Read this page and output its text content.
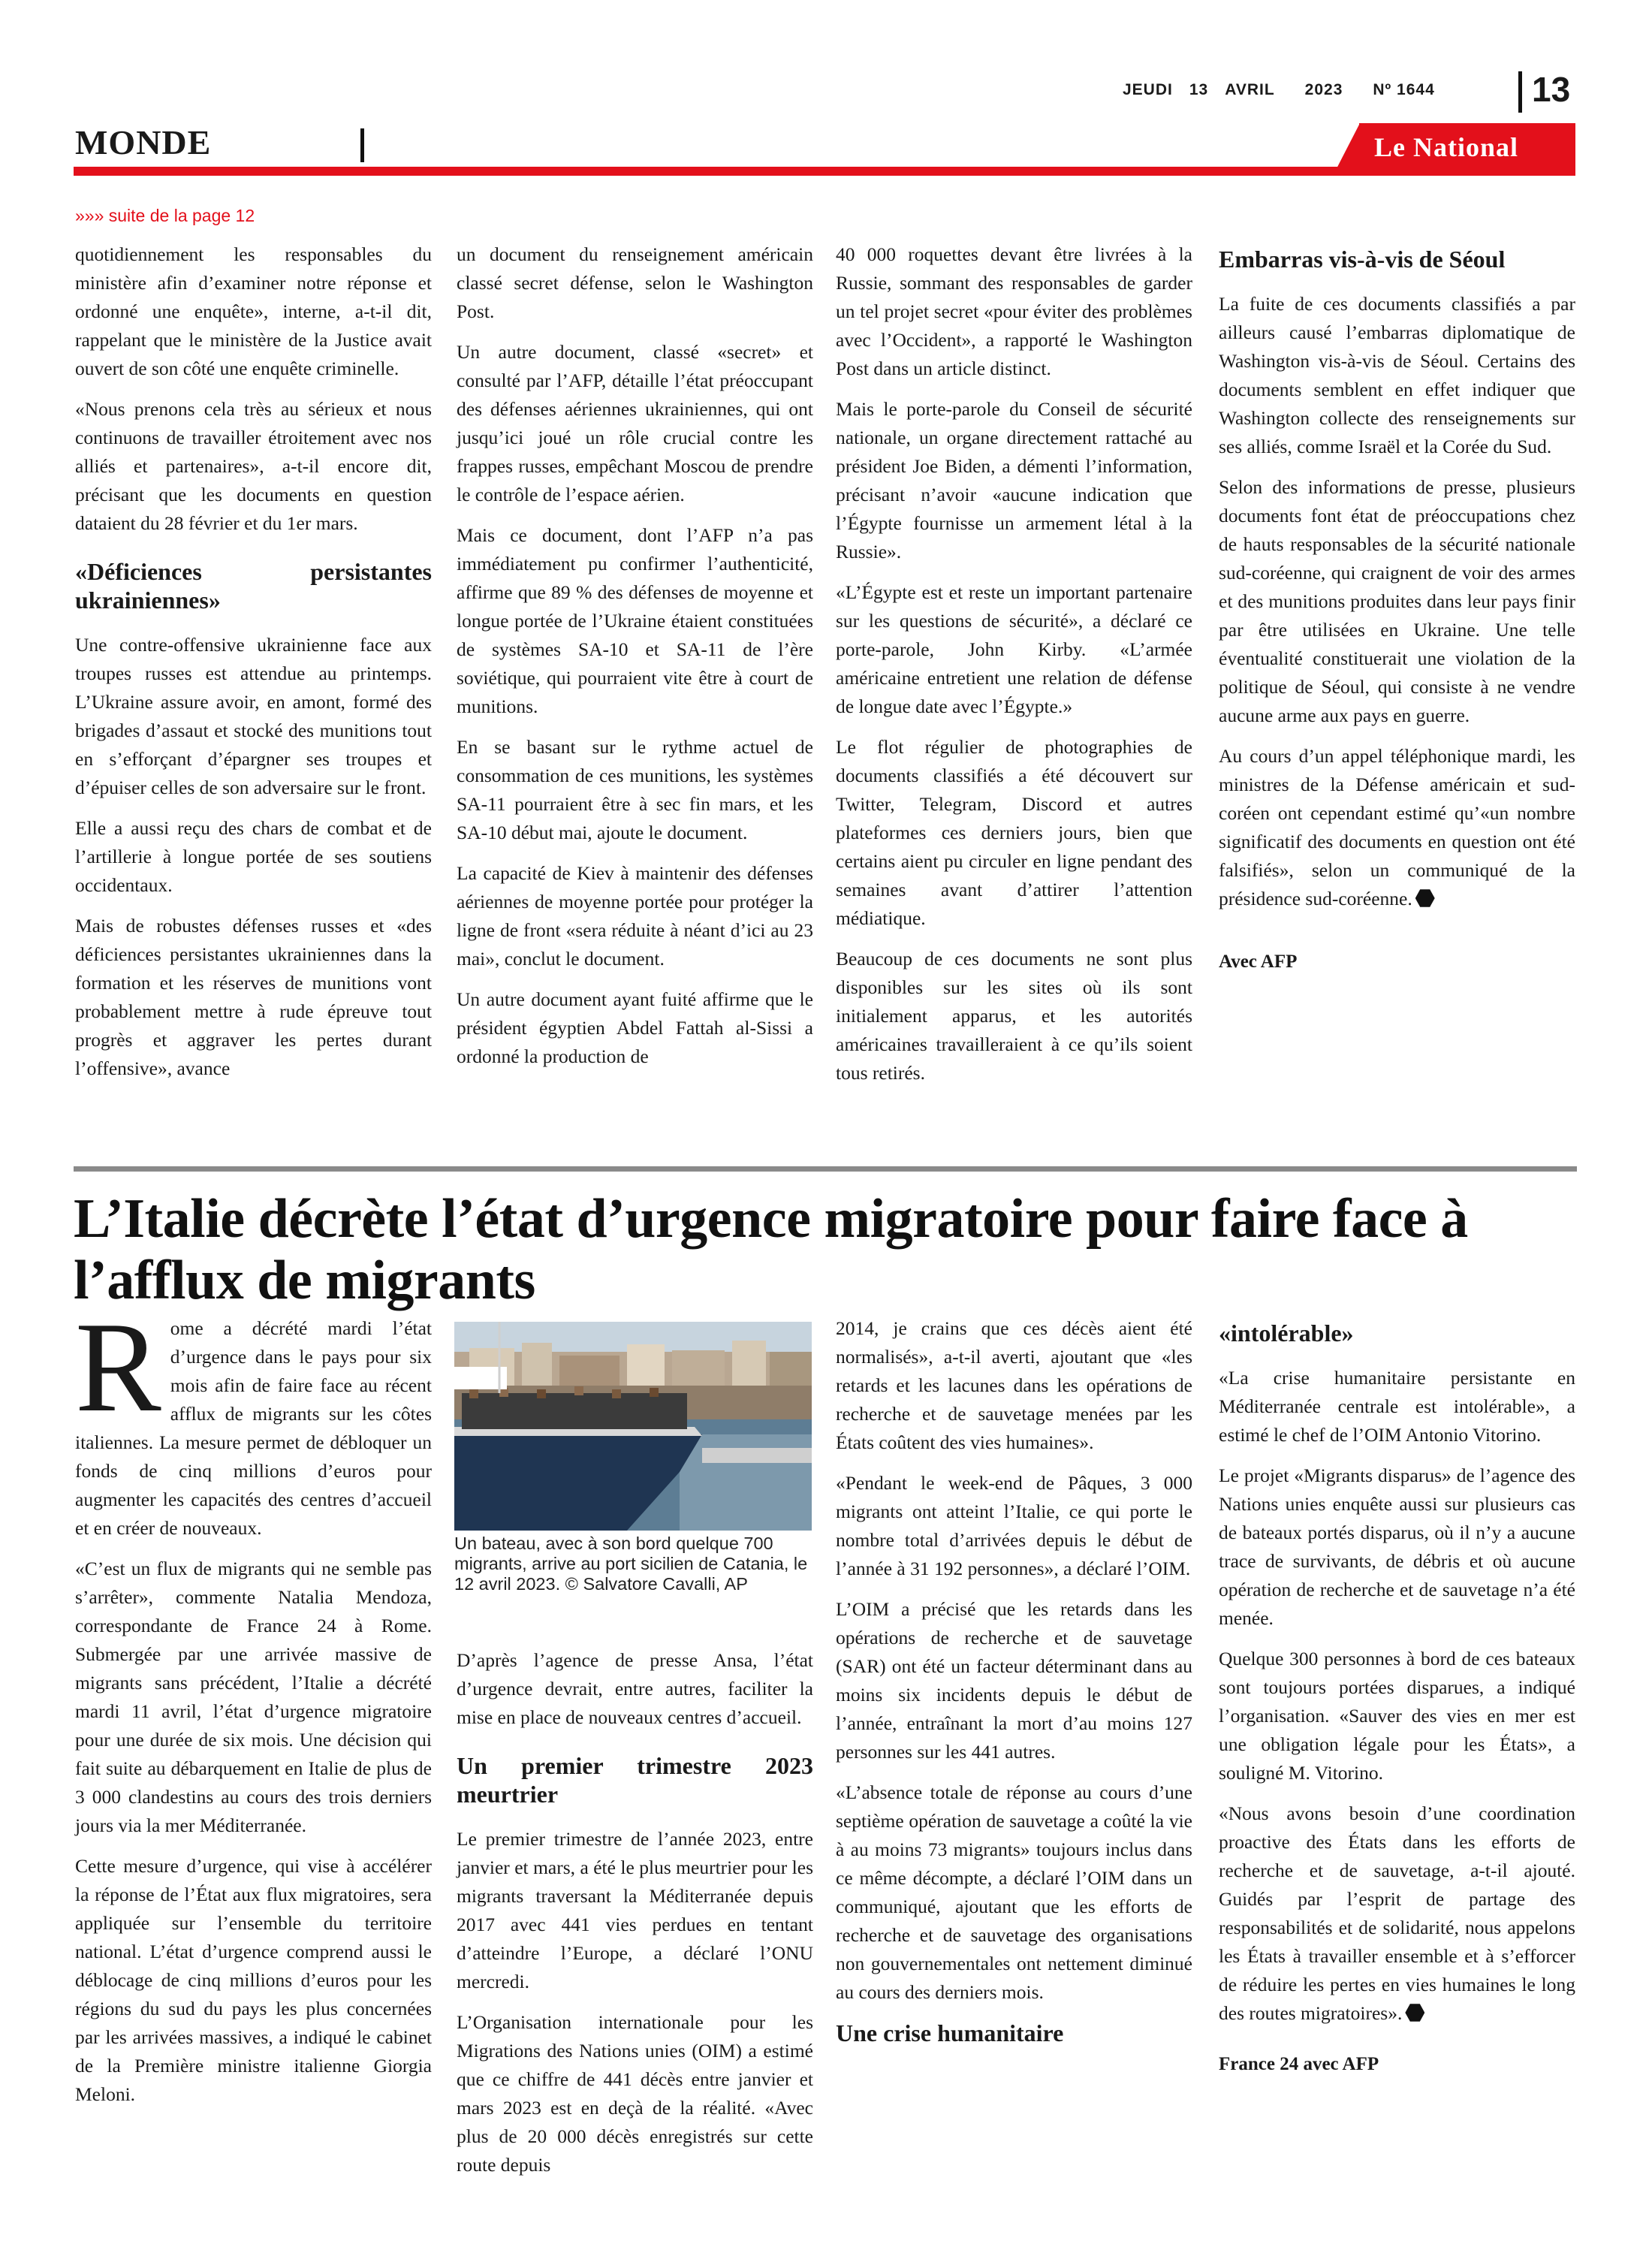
JEUDI 13 AVRIL 2023 Nº 1644	13
MONDE	Le National
»»» suite de la page 12

quotidiennement les responsables du ministère afin d’examiner notre réponse et ordonné une enquête», interne, a-t-il dit, rappelant que le ministère de la Justice avait ouvert de son côté une enquête criminelle.

«Nous prenons cela très au sérieux et nous continuons de travailler étroitement avec nos alliés et partenaires», a-t-il encore dit, précisant que les documents en question dataient du 28 février et du 1er mars.

«Déficiences persistantes ukrainiennes»

Une contre-offensive ukrainienne face aux troupes russes est attendue au printemps. L’Ukraine assure avoir, en amont, formé des brigades d’assaut et stocké des munitions tout en s’efforçant d’épargner ses troupes et d’épuiser celles de son adversaire sur le front.

Elle a aussi reçu des chars de combat et de l’artillerie à longue portée de ses soutiens occidentaux.

Mais de robustes défenses russes et «des déficiences persistantes ukrainiennes dans la formation et les réserves de munitions vont probablement mettre à rude épreuve tout progrès et aggraver les pertes durant l’offensive», avance

un document du renseignement américain classé secret défense, selon le Washington Post.

Un autre document, classé «secret» et consulté par l’AFP, détaille l’état préoccupant des défenses aériennes ukrainiennes, qui ont jusqu’ici joué un rôle crucial contre les frappes russes, empêchant Moscou de prendre le contrôle de l’espace aérien.

Mais ce document, dont l’AFP n’a pas immédiatement pu confirmer l’authenticité, affirme que 89 % des défenses de moyenne et longue portée de l’Ukraine étaient constituées de systèmes SA-10 et SA-11 de l’ère soviétique, qui pourraient vite être à court de munitions.

En se basant sur le rythme actuel de consommation de ces munitions, les systèmes SA-11 pourraient être à sec fin mars, et les SA-10 début mai, ajoute le document.

La capacité de Kiev à maintenir des défenses aériennes de moyenne portée pour protéger la ligne de front «sera réduite à néant d’ici au 23 mai», conclut le document.

Un autre document ayant fuité affirme que le président égyptien Abdel Fattah al-Sissi a ordonné la production de

40 000 roquettes devant être livrées à la Russie, sommant des responsables de garder un tel projet secret «pour éviter des problèmes avec l’Occident», a rapporté le Washington Post dans un article distinct.

Mais le porte-parole du Conseil de sécurité nationale, un organe directement rattaché au président Joe Biden, a démenti l’information, précisant n’avoir «aucune indication que l’Égypte fournisse un armement létal à la Russie».

«L’Égypte est et reste un important partenaire sur les questions de sécurité», a déclaré ce porte-parole, John Kirby. «L’armée américaine entretient une relation de défense de longue date avec l’Égypte.»

Le flot régulier de photographies de documents classifiés a été découvert sur Twitter, Telegram, Discord et autres plateformes ces derniers jours, bien que certains aient pu circuler en ligne pendant des semaines avant d’attirer l’attention médiatique.

Beaucoup de ces documents ne sont plus disponibles sur les sites où ils sont initialement apparus, et les autorités américaines travailleraient à ce qu’ils soient tous retirés.

Embarras vis-à-vis de Séoul

La fuite de ces documents classifiés a par ailleurs causé l’embarras diplomatique de Washington vis-à-vis de Séoul. Certains des documents semblent en effet indiquer que Washington collecte des renseignements sur ses alliés, comme Israël et la Corée du Sud.

Selon des informations de presse, plusieurs documents font état de préoccupations chez de hauts responsables de la sécurité nationale sud-coréenne, qui craignent de voir des armes et des munitions produites dans leur pays finir par être utilisées en Ukraine. Une telle éventualité constituerait une violation de la politique de Séoul, qui consiste à ne vendre aucune arme aux pays en guerre.

Au cours d’un appel téléphonique mardi, les ministres de la Défense américain et sud-coréen ont cependant estimé qu’«un nombre significatif des documents en question ont été falsifiés», selon un communiqué de la présidence sud-coréenne.

Avec AFP

L’Italie décrète l’état d’urgence migratoire pour faire face à l’afflux de migrants

Rome a décrété mardi l’état d’urgence dans le pays pour six mois afin de faire face au récent afflux de migrants sur les côtes italiennes. La mesure permet de débloquer un fonds de cinq millions d’euros pour augmenter les capacités des centres d’accueil et en créer de nouveaux.

«C’est un flux de migrants qui ne semble pas s’arrêter», commente Natalia Mendoza, correspondante de France 24 à Rome. Submergée par une arrivée massive de migrants sans précédent, l’Italie a décrété mardi 11 avril, l’état d’urgence migratoire pour une durée de six mois. Une décision qui fait suite au débarquement en Italie de plus de 3 000 clandestins au cours des trois derniers jours via la mer Méditerranée.

Cette mesure d’urgence, qui vise à accélérer la réponse de l’État aux flux migratoires, sera appliquée sur l’ensemble du territoire national. L’état d’urgence comprend aussi le déblocage de cinq millions d’euros pour les régions du sud du pays les plus concernées par les arrivées massives, a indiqué le cabinet de la Première ministre italienne Giorgia Meloni.

Un bateau, avec à son bord quelque 700 migrants, arrive au port sicilien de Catania, le 12 avril 2023. © Salvatore Cavalli, AP

D’après l’agence de presse Ansa, l’état d’urgence devrait, entre autres, faciliter la mise en place de nouveaux centres d’accueil.

Un premier trimestre 2023 meurtrier

Le premier trimestre de l’année 2023, entre janvier et mars, a été le plus meurtrier pour les migrants traversant la Méditerranée depuis 2017 avec 441 vies perdues en tentant d’atteindre l’Europe, a déclaré l’ONU mercredi.

L’Organisation internationale pour les Migrations des Nations unies (OIM) a estimé que ce chiffre de 441 décès entre janvier et mars 2023 est en deçà de la réalité. «Avec plus de 20 000 décès enregistrés sur cette route depuis

2014, je crains que ces décès aient été normalisés», a-t-il averti, ajoutant que «les retards et les lacunes dans les opérations de recherche et de sauvetage menées par les États coûtent des vies humaines».

«Pendant le week-end de Pâques, 3 000 migrants ont atteint l’Italie, ce qui porte le nombre total d’arrivées depuis le début de l’année à 31 192 personnes», a déclaré l’OIM.

L’OIM a précisé que les retards dans les opérations de recherche et de sauvetage (SAR) ont été un facteur déterminant dans au moins six incidents depuis le début de l’année, entraînant la mort d’au moins 127 personnes sur les 441 autres.

«L’absence totale de réponse au cours d’une septième opération de sauvetage a coûté la vie à au moins 73 migrants» toujours inclus dans ce même décompte, a déclaré l’OIM dans un communiqué, ajoutant que les efforts de recherche et de sauvetage des organisations non gouvernementales ont nettement diminué au cours des derniers mois.

Une crise humanitaire
«intolérable»

«La crise humanitaire persistante en Méditerranée centrale est intolérable», a estimé le chef de l’OIM Antonio Vitorino.

Le projet «Migrants disparus» de l’agence des Nations unies enquête aussi sur plusieurs cas de bateaux portés disparus, où il n’y a aucune trace de survivants, de débris et où aucune opération de recherche et de sauvetage n’a été menée.

Quelque 300 personnes à bord de ces bateaux sont toujours portées disparues, a indiqué l’organisation. «Sauver des vies en mer est une obligation légale pour les États», a souligné M. Vitorino.

«Nous avons besoin d’une coordination proactive des États dans les efforts de recherche et de sauvetage, a-t-il ajouté. Guidés par l’esprit de partage des responsabilités et de solidarité, nous appelons les États à travailler ensemble et à s’efforcer de réduire les pertes en vies humaines le long des routes migratoires».

France 24 avec AFP
